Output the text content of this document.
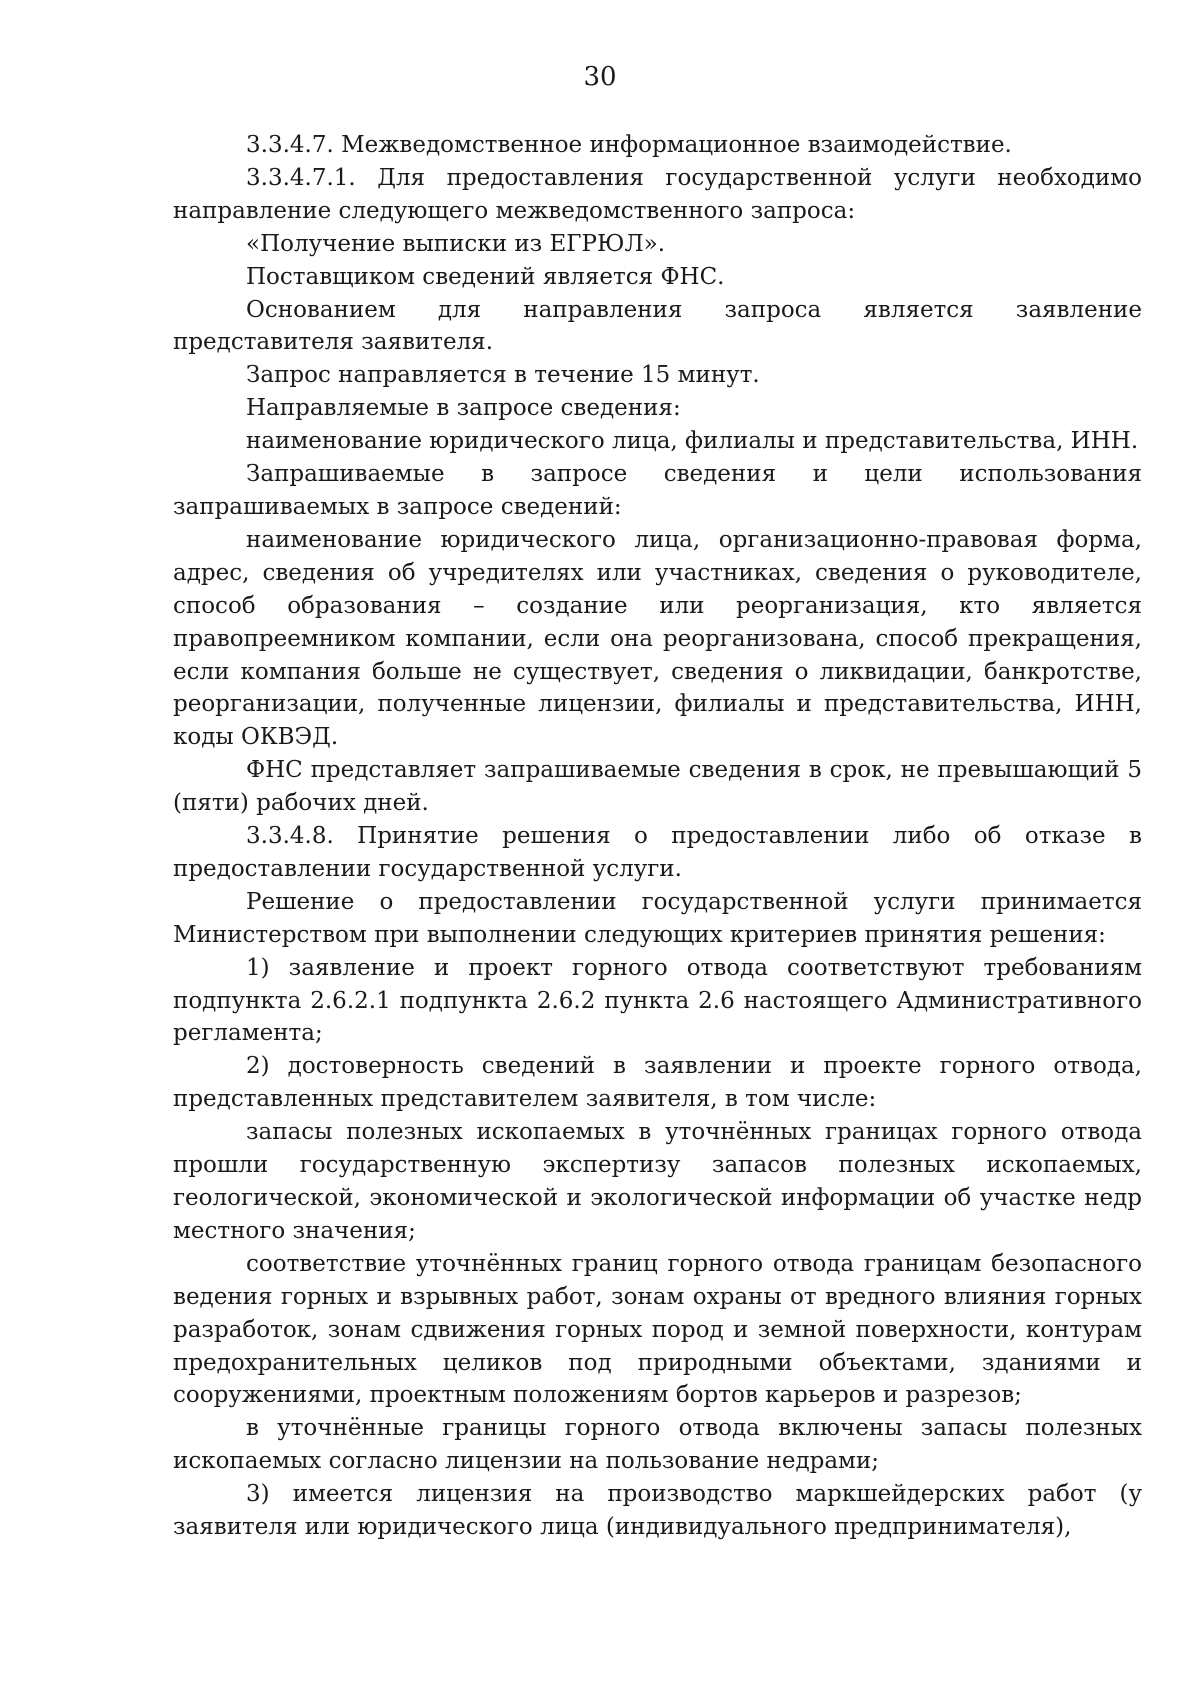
30

3.3.4.7. Межведомственное информационное взаимодействие.

3.3.4.7.1. Для предоставления государственной услуги необходимо направление следующего межведомственного запроса:

«Получение выписки из ЕГРЮЛ».

Поставщиком сведений является ФНС.

Основанием для направления запроса является заявление представителя заявителя.

Запрос направляется в течение 15 минут.

Направляемые в запросе сведения:

наименование юридического лица, филиалы и представительства, ИНН.

Запрашиваемые в запросе сведения и цели использования запрашиваемых в запросе сведений:

наименование юридического лица, организационно-правовая форма, адрес, сведения об учредителях или участниках, сведения о руководителе, способ образования – создание или реорганизация, кто является правопреемником компании, если она реорганизована, способ прекращения, если компания больше не существует, сведения о ликвидации, банкротстве, реорганизации, полученные лицензии, филиалы и представительства, ИНН, коды ОКВЭД.

ФНС представляет запрашиваемые сведения в срок, не превышающий 5 (пяти) рабочих дней.

3.3.4.8. Принятие решения о предоставлении либо об отказе в предоставлении государственной услуги.

Решение о предоставлении государственной услуги принимается Министерством при выполнении следующих критериев принятия решения:

1) заявление и проект горного отвода соответствуют требованиям подпункта 2.6.2.1 подпункта 2.6.2 пункта 2.6 настоящего Административного регламента;

2) достоверность сведений в заявлении и проекте горного отвода, представленных представителем заявителя, в том числе:

запасы полезных ископаемых в уточнённых границах горного отвода прошли государственную экспертизу запасов полезных ископаемых, геологической, экономической и экологической информации об участке недр местного значения;

соответствие уточнённых границ горного отвода границам безопасного ведения горных и взрывных работ, зонам охраны от вредного влияния горных разработок, зонам сдвижения горных пород и земной поверхности, контурам предохранительных целиков под природными объектами, зданиями и сооружениями, проектным положениям бортов карьеров и разрезов;

в уточнённые границы горного отвода включены запасы полезных ископаемых согласно лицензии на пользование недрами;

3) имеется лицензия на производство маркшейдерских работ (у заявителя или юридического лица (индивидуального предпринимателя),
